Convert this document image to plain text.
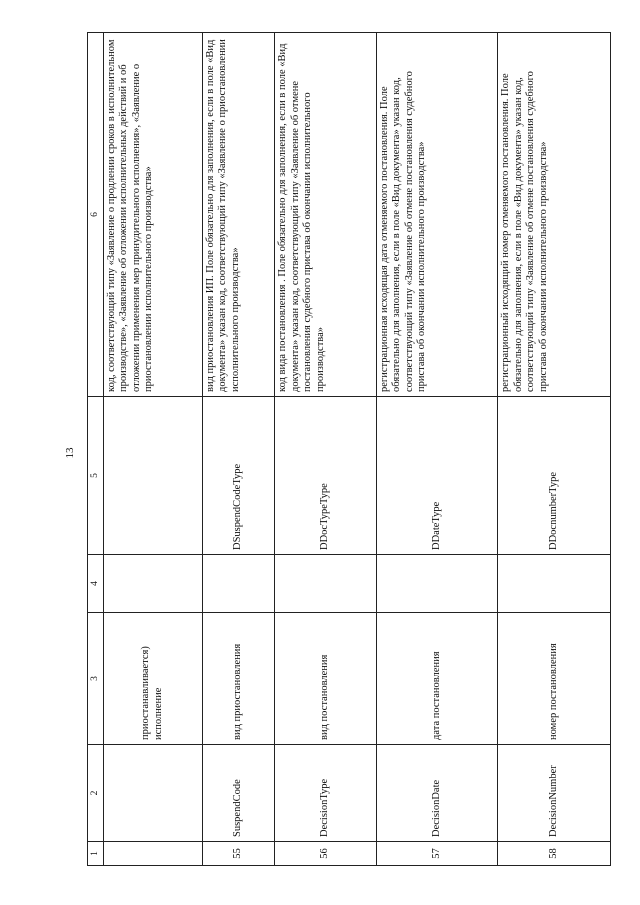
13
1	2	3	4	5	6
		приостанавливается) исполнение			код, соответствующий типу «Заявление о продлении сроков в исполнительном производстве», «Заявление об отложении исполнительных действий и об отложении применения мер принудительного исполнения», «Заявление о приостановлении исполнительного производства»
55	SuspendCode	вид приостановления		DSuspendCodeType	вид приостановления ИП. Поле обязательно для заполнения, если в поле «Вид документа» указан код, соответствующий типу «Заявление о приостановлении исполнительного производства»
56	DecisionType	вид постановления		DDocTypeType	код вида постановления . Поле обязательно для заполнения, если в поле «Вид документа» указан код, соответствующий типу «Заявление об отмене постановления судебного пристава об окончании исполнительного производства»
57	DecisionDate	дата постановления		DDateType	регистрационная исходящая дата отменяемого постановления. Поле обязательно для заполнения, если в поле «Вид документа» указан код, соответствующий типу «Заявление об отмене постановления судебного пристава об окончании исполнительного производства»
58	DecisionNumber	номер постановления		DDocnumberType	регистрационный исходящий номер отменяемого постановления. Поле обязательно для заполнения, если в поле «Вид документа» указан код, соответствующий типу «Заявление об отмене постановления судебного пристава об окончании исполнительного производства»
